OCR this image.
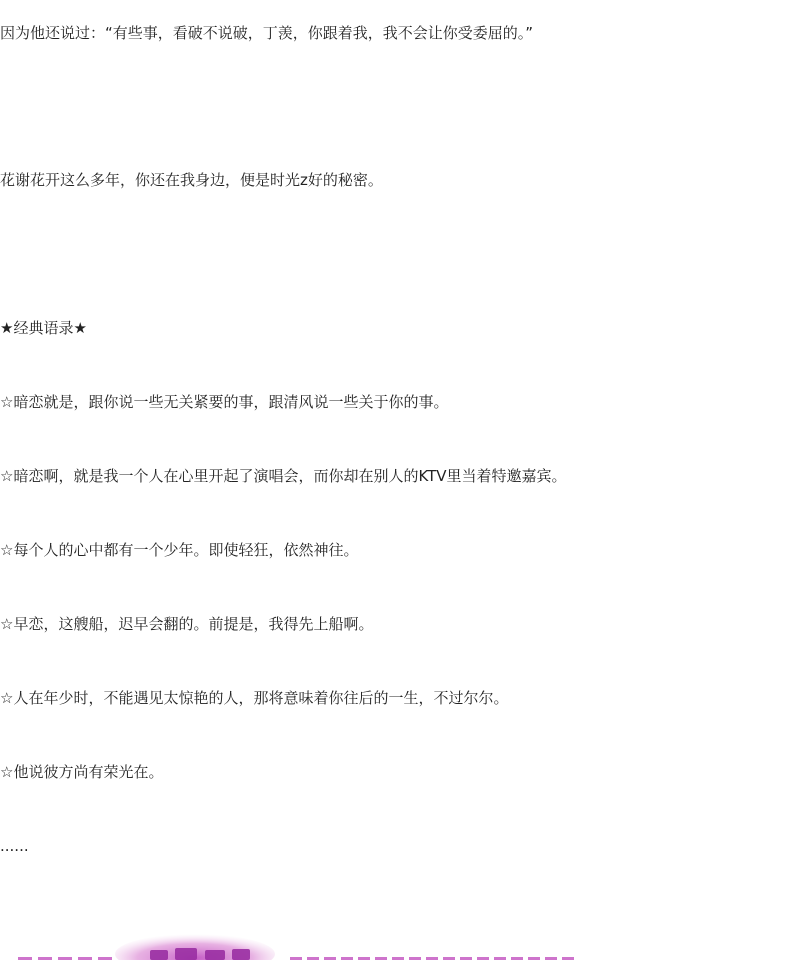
因为他还说过：“有些事，看破不说破，丁羡，你跟着我，我不会让你受委屈的。”

花谢花开这么多年，你还在我身边，便是时光z好的秘密。

★经典语录★

☆暗恋就是，跟你说一些无关紧要的事，跟清风说一些关于你的事。

☆暗恋啊，就是我一个人在心里开起了演唱会，而你却在别人的KTV里当着特邀嘉宾。

☆每个人的心中都有一个少年。即使轻狂，依然神往。

☆早恋，这艘船，迟早会翻的。前提是，我得先上船啊。

☆人在年少时，不能遇见太惊艳的人，那将意味着你往后的一生，不过尔尔。

☆他说彼方尚有荣光在。

......
